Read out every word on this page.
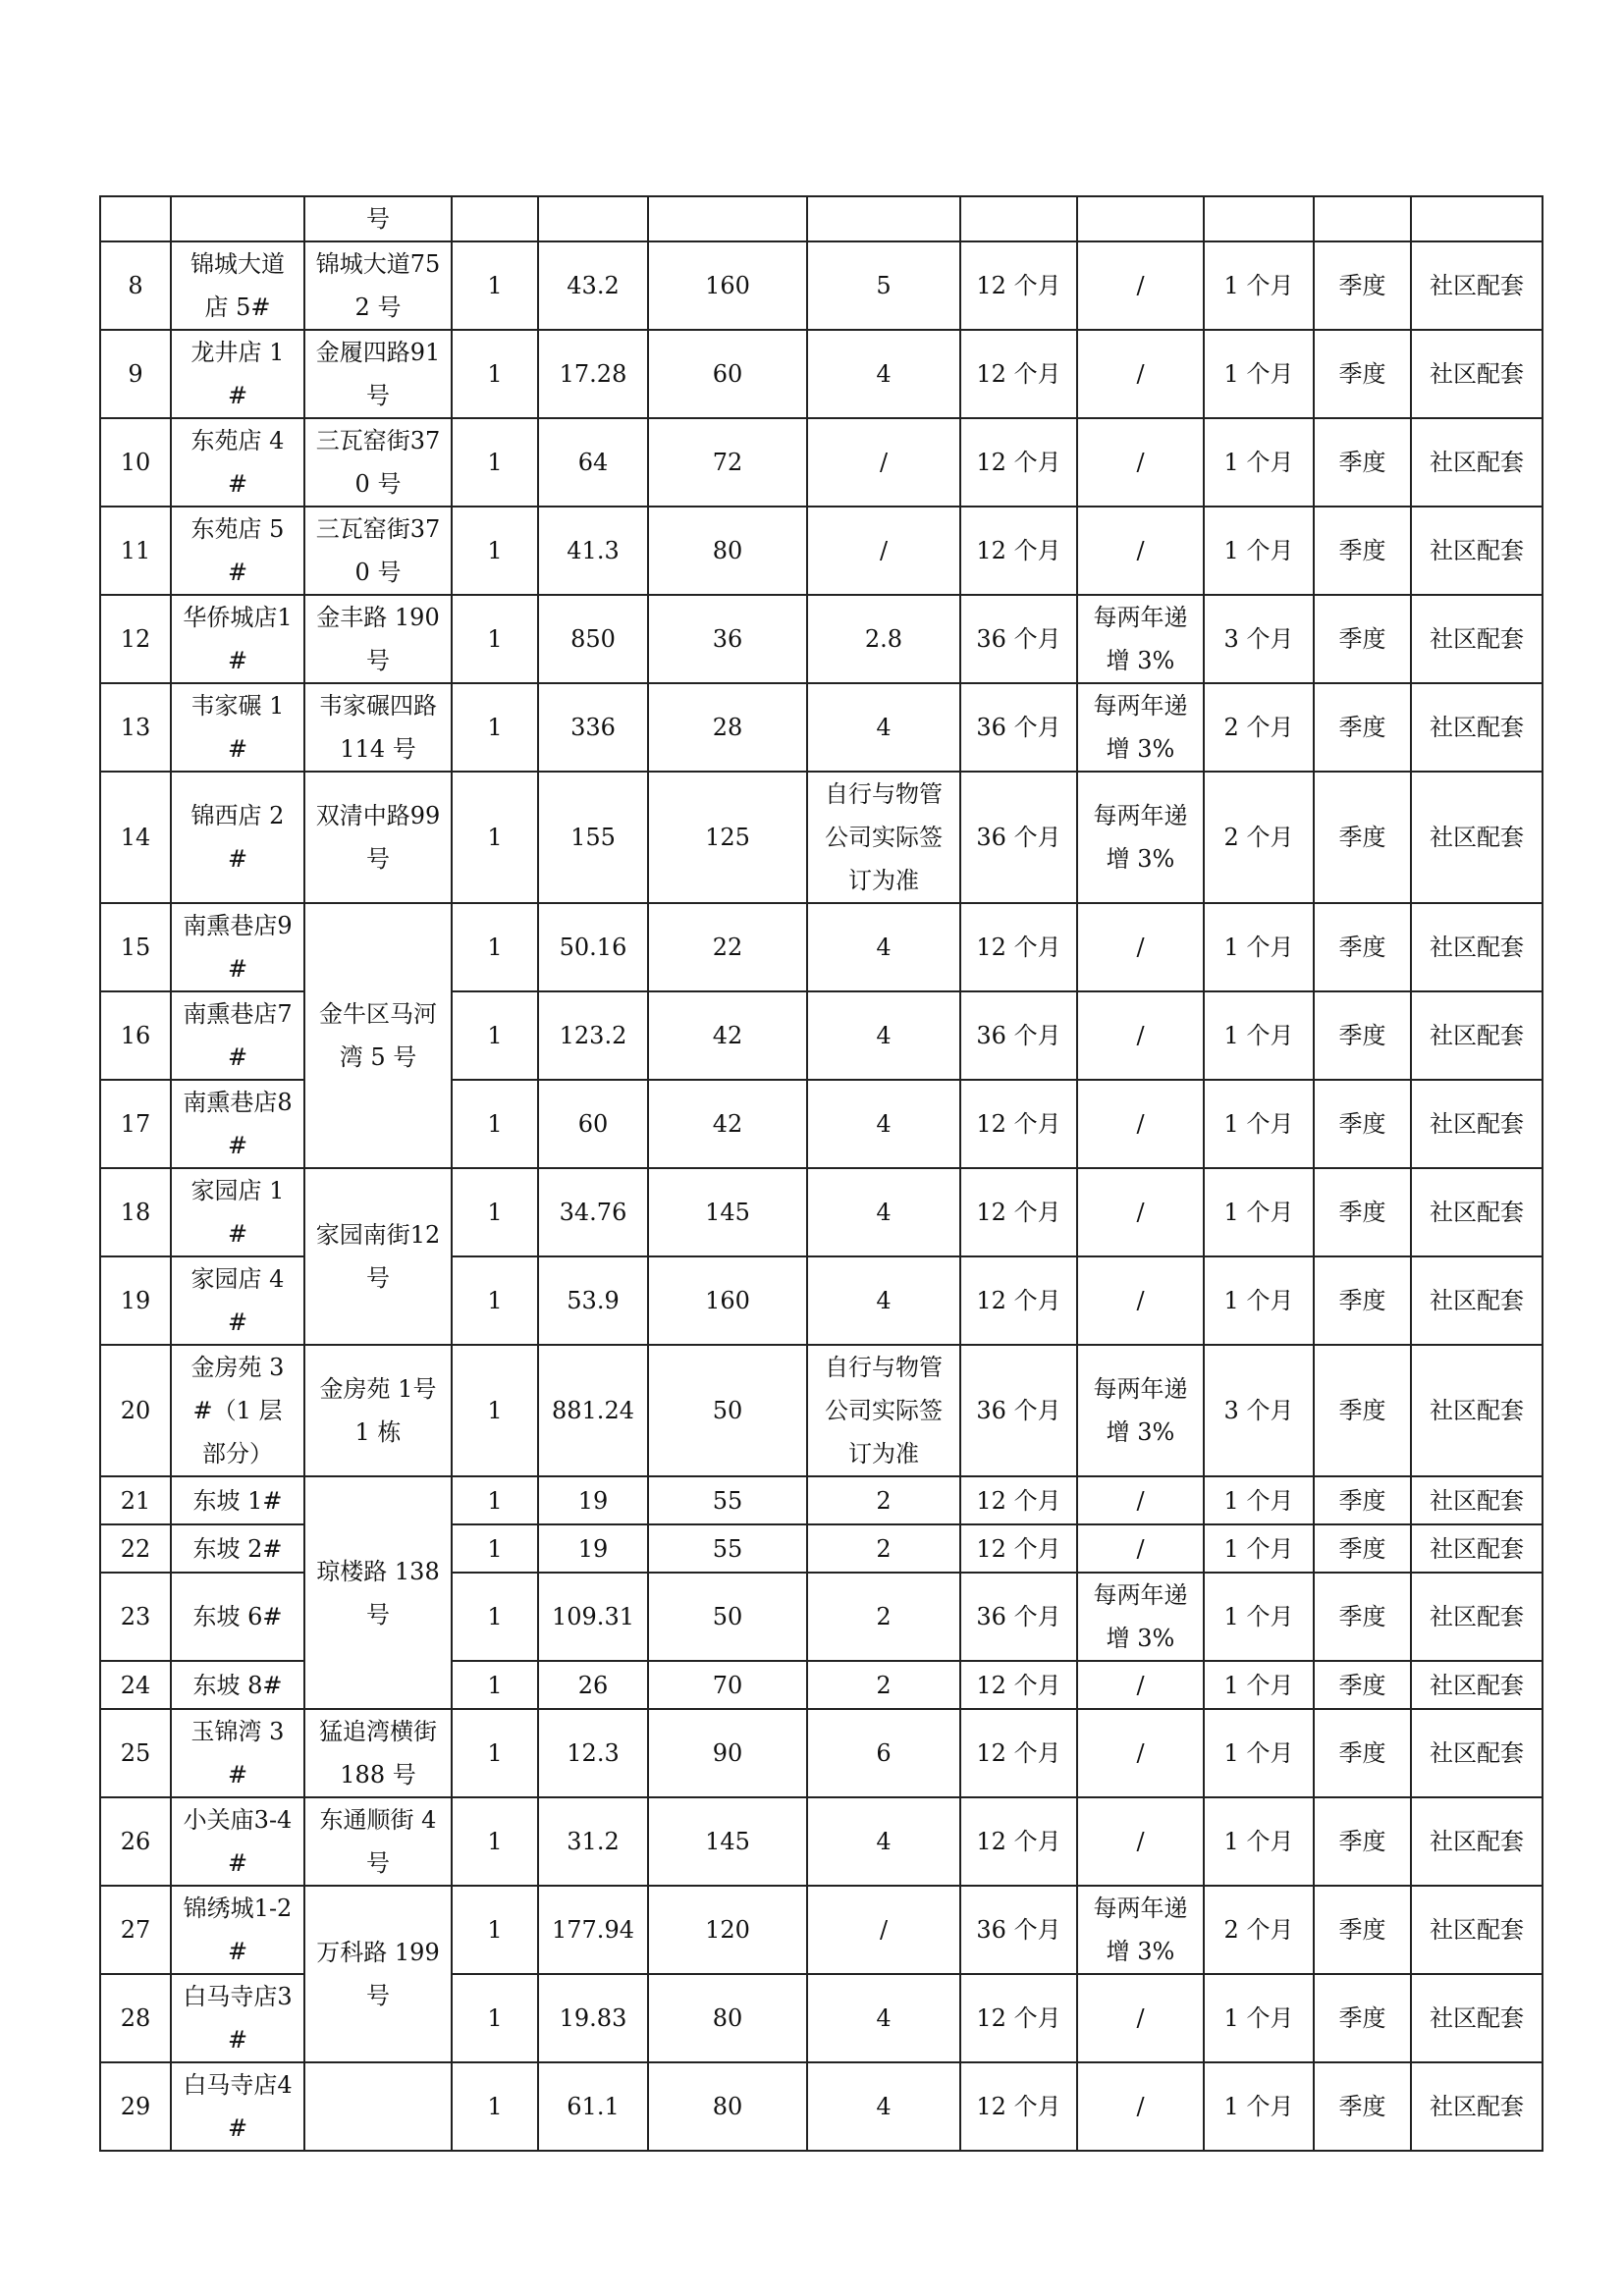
		号									
8	锦城大道店 5#	锦城大道752 号	1	43.2	160	5	12 个月	/	1 个月	季度	社区配套
9	龙井店 1#	金履四路91 号	1	17.28	60	4	12 个月	/	1 个月	季度	社区配套
10	东苑店 4#	三瓦窑街370 号	1	64	72	/	12 个月	/	1 个月	季度	社区配套
11	东苑店 5#	三瓦窑街370 号	1	41.3	80	/	12 个月	/	1 个月	季度	社区配套
12	华侨城店1#	金丰路 190号	1	850	36	2.8	36 个月	每两年递增 3%	3 个月	季度	社区配套
13	韦家碾 1#	韦家碾四路 114 号	1	336	28	4	36 个月	每两年递增 3%	2 个月	季度	社区配套
14	锦西店 2#	双清中路99 号	1	155	125	自行与物管公司实际签订为准	36 个月	每两年递增 3%	2 个月	季度	社区配套
15	南熏巷店9#	金牛区马河湾 5 号	1	50.16	22	4	12 个月	/	1 个月	季度	社区配套
16	南熏巷店7#		1	123.2	42	4	36 个月	/	1 个月	季度	社区配套
17	南熏巷店8#		1	60	42	4	12 个月	/	1 个月	季度	社区配套
18	家园店 1#	家园南街12 号	1	34.76	145	4	12 个月	/	1 个月	季度	社区配套
19	家园店 4#		1	53.9	160	4	12 个月	/	1 个月	季度	社区配套
20	金房苑 3#（1 层部分）	金房苑 1号 1 栋	1	881.24	50	自行与物管公司实际签订为准	36 个月	每两年递增 3%	3 个月	季度	社区配套
21	东坡 1#	琼楼路 138号	1	19	55	2	12 个月	/	1 个月	季度	社区配套
22	东坡 2#		1	19	55	2	12 个月	/	1 个月	季度	社区配套
23	东坡 6#		1	109.31	50	2	36 个月	每两年递增 3%	1 个月	季度	社区配套
24	东坡 8#		1	26	70	2	12 个月	/	1 个月	季度	社区配套
25	玉锦湾 3#	猛追湾横街 188 号	1	12.3	90	6	12 个月	/	1 个月	季度	社区配套
26	小关庙3-4#	东通顺街 4号	1	31.2	145	4	12 个月	/	1 个月	季度	社区配套
27	锦绣城1-2#	万科路 199号	1	177.94	120	/	36 个月	每两年递增 3%	2 个月	季度	社区配套
28	白马寺店3#		1	19.83	80	4	12 个月	/	1 个月	季度	社区配套
29	白马寺店4#		1	61.1	80	4	12 个月	/	1 个月	季度	社区配套
